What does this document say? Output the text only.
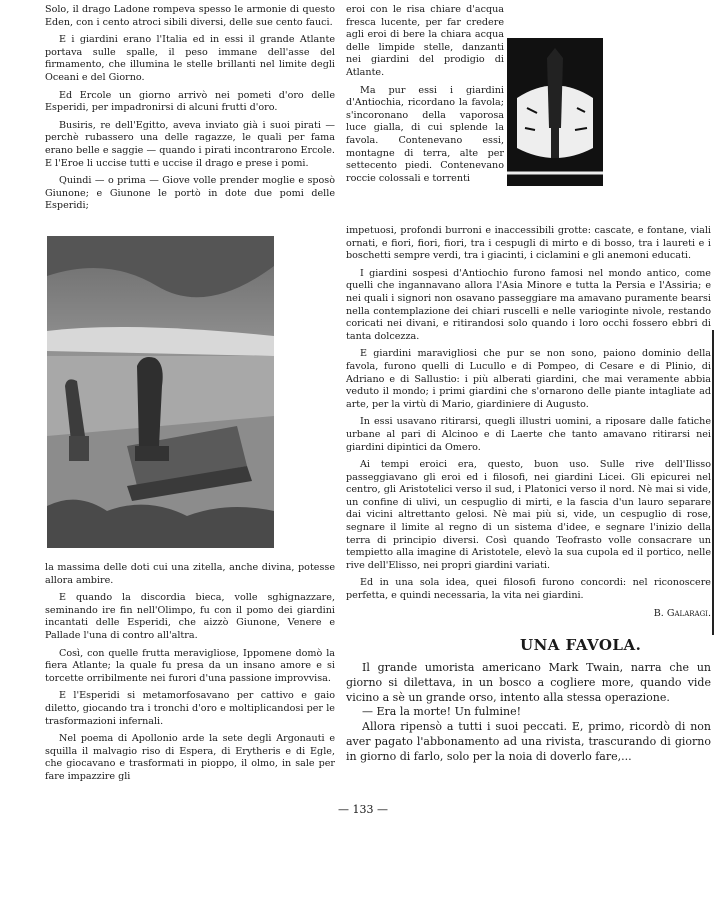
Solo, il drago Ladone rompeva spesso le armonie di questo Eden, con i cento atroci sibili diversi, delle sue cento fauci.

E i giardini erano l'Italia ed in essi il grande Atlante portava sulle spalle, il peso immane dell'asse del firmamento, che illumina le stelle brillanti nel limite degli Oceani e del Giorno.

Ed Ercole un giorno arrivò nei pometi d'oro delle Esperidi, per impadronirsi di alcuni frutti d'oro.

Busiris, re dell'Egitto, aveva inviato già i suoi pirati — perchè rubassero una delle ragazze, le quali per fama erano belle e saggie — quando i pirati incontrarono Ercole. E l'Eroe li uccise tutti e uccise il drago e prese i pomi.

Quindi — o prima — Giove volle prender moglie e sposò Giunone; e Giunone le portò in dote due pomi delle Esperidi;

la massima delle doti cui una zitella, anche divina, potesse allora ambire.

E quando la discordia bieca, volle sghignazzare, seminando ire fin nell'Olimpo, fu con il pomo dei giardini incantati delle Esperidi, che aizzò Giunone, Venere e Pallade l'una di contro all'altra.

Così, con quelle frutta meravigliose, Ippomene domò la fiera Atlante; la quale fu presa da un insano amore e si torcette orribilmente nei furori d'una passione improvvisa.

E l'Esperidi si metamorfosavano per cattivo e gaio diletto, giocando tra i tronchi d'oro e moltiplicandosi per le trasformazioni infernali.

Nel poema di Apollonio arde la sete degli Argonauti e squilla il malvagio riso di Espera, di Erytheris e di Egle, che giocavano e trasformati in pioppo, il olmo, in sale per fare impazzire gli

eroi con le risa chiare d'acqua fresca lucente, per far credere agli eroi di bere la chiara acqua delle limpide stelle, danzanti nei giardini del prodigio di Atlante.

Ma pur essi i giardini d'Antiochia, ricordano la favola; s'incoronano della vaporosa luce gialla, di cui splende la favola. Contenevano essi, montagne di terra, alte per settecento piedi. Contenevano roccie colossali e torrenti

impetuosi, profondi burroni e inaccessibili grotte: cascate, e fontane, viali ornati, e fiori, fiori, fiori, tra i cespugli di mirto e di bosso, tra i laureti e i boschetti sempre verdi, tra i giacinti, i ciclamini e gli anemoni educati.

I giardini sospesi d'Antiochio furono famosi nel mondo antico, come quelli che ingannavano allora l'Asia Minore e tutta la Persia e l'Assiria; e nei quali i signori non osavano passeggiare ma amavano puramente bearsi nella contemplazione dei chiari ruscelli e nelle varioginte nivole, restando coricati nei divani, e ritirandosi solo quando i loro occhi fossero ebbri di tanta dolcezza.

E giardini maravigliosi che pur se non sono, paiono dominio della favola, furono quelli di Lucullo e di Pompeo, di Cesare e di Plinio, di Adriano e di Sallustio: i più alberati giardini, che mai veramente abbia veduto il mondo; i primi giardini che s'ornarono delle piante intagliate ad arte, per la virtù di Mario, giardiniere di Augusto.

In essi usavano ritirarsi, quegli illustri uomini, a riposare dalle fatiche urbane al pari di Alcinoo e di Laerte che tanto amavano ritirarsi nei giardini dipintici da Omero.

Ai tempi eroici era, questo, buon uso. Sulle rive dell'Ilisso passeggiavano gli eroi ed i filosofi, nei giardini Licei. Gli epicurei nel centro, gli Aristotelici verso il sud, i Platonici verso il nord. Nè mai si vide, un confine di ulivi, un cespuglio di mirti, e la fascia d'un lauro separare dai vicini altrettanto gelosi. Nè mai più si, vide, un cespuglio di rose, segnare il limite al regno di un sistema d'idee, e segnare l'inizio della terra di principio diversi. Così quando Teofrasto volle consacrare un tempietto alla imagine di Aristotele, elevò la sua cupola ed il portico, nelle rive dell'Elisso, nei propri giardini variati.

Ed in una sola idea, quei filosofi furono concordi: nel riconoscere perfetta, e quindi necessaria, la vita nei giardini.

B. Galaragi.
UNA FAVOLA.

Il grande umorista americano Mark Twain, narra che un giorno si dilettava, in un bosco a cogliere more, quando vide vicino a sè un grande orso, intento alla stessa operazione.

— Era la morte! Un fulmine!

Allora ripensò a tutti i suoi peccati. E, primo, ricordò di non aver pagato l'abbonamento ad una rivista, trascurando di giorno in giorno di farlo, solo per la noia di doverlo fare,...

— 133 —
